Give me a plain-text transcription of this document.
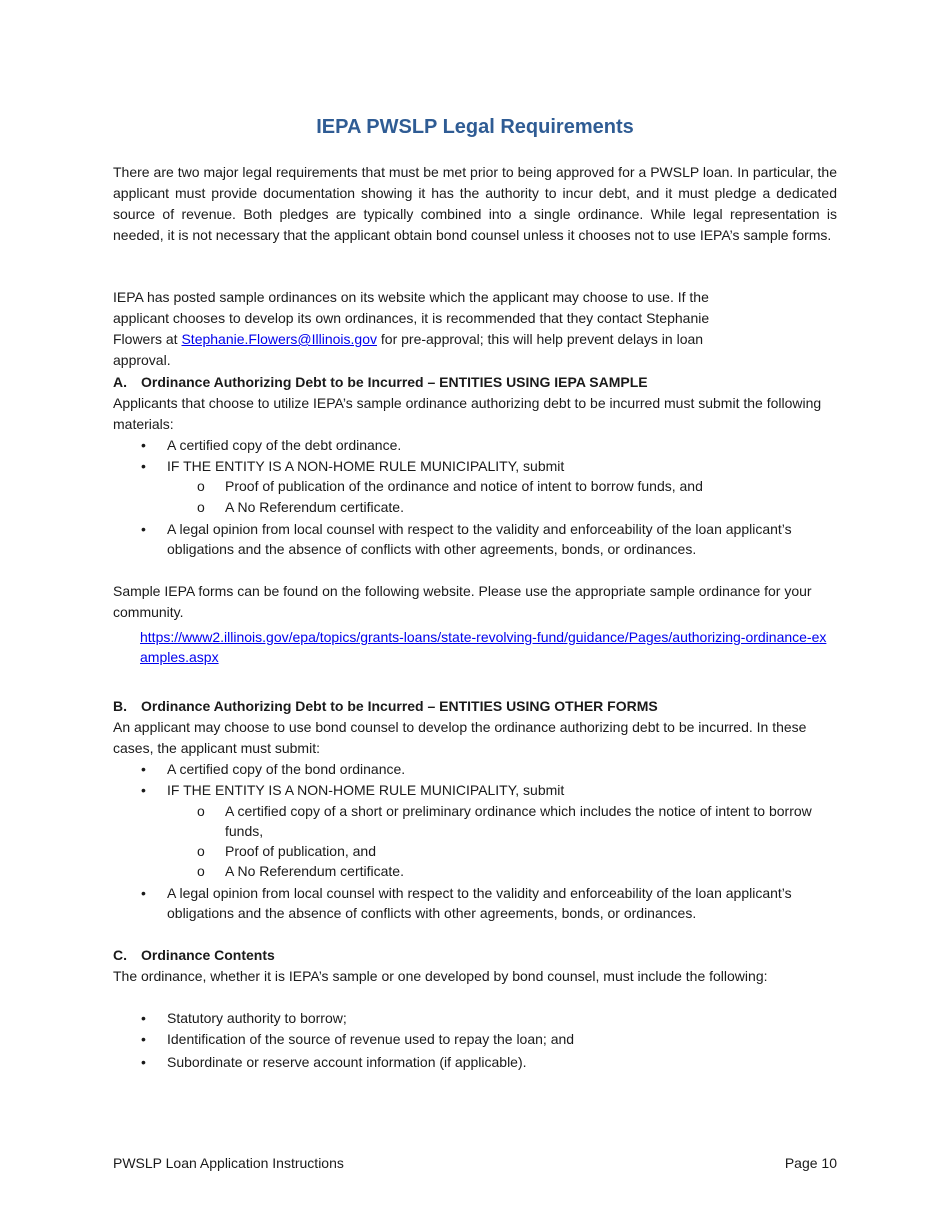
IEPA PWSLP Legal Requirements
There are two major legal requirements that must be met prior to being approved for a PWSLP loan. In particular, the applicant must provide documentation showing it has the authority to incur debt, and it must pledge a dedicated source of revenue. Both pledges are typically combined into a single ordinance. While legal representation is needed, it is not necessary that the applicant obtain bond counsel unless it chooses not to use IEPA’s sample forms.
IEPA has posted sample ordinances on its website which the applicant may choose to use. If the
applicant chooses to develop its own ordinances, it is recommended that they contact Stephanie
Flowers at Stephanie.Flowers@Illinois.gov for pre-approval; this will help prevent delays in loan
approval.
A. Ordinance Authorizing Debt to be Incurred – ENTITIES USING IEPA SAMPLE
Applicants that choose to utilize IEPA’s sample ordinance authorizing debt to be incurred must submit the following materials:
• A certified copy of the debt ordinance.
• IF THE ENTITY IS A NON-HOME RULE MUNICIPALITY, submit
o Proof of publication of the ordinance and notice of intent to borrow funds, and
o A No Referendum certificate.
• A legal opinion from local counsel with respect to the validity and enforceability of the loan applicant’s obligations and the absence of conflicts with other agreements, bonds, or ordinances.
Sample IEPA forms can be found on the following website. Please use the appropriate sample ordinance for your community.
https://www2.illinois.gov/epa/topics/grants-loans/state-revolving-fund/guidance/Pages/authorizing-ordinance-examples.aspx
B. Ordinance Authorizing Debt to be Incurred – ENTITIES USING OTHER FORMS
An applicant may choose to use bond counsel to develop the ordinance authorizing debt to be incurred. In these cases, the applicant must submit:
• A certified copy of the bond ordinance.
• IF THE ENTITY IS A NON-HOME RULE MUNICIPALITY, submit
o A certified copy of a short or preliminary ordinance which includes the notice of intent to borrow funds,
o Proof of publication, and
o A No Referendum certificate.
• A legal opinion from local counsel with respect to the validity and enforceability of the loan applicant’s obligations and the absence of conflicts with other agreements, bonds, or ordinances.
C. Ordinance Contents
The ordinance, whether it is IEPA’s sample or one developed by bond counsel, must include the following:
• Statutory authority to borrow;
• Identification of the source of revenue used to repay the loan; and
• Subordinate or reserve account information (if applicable).
PWSLP Loan Application Instructions	Page 10
